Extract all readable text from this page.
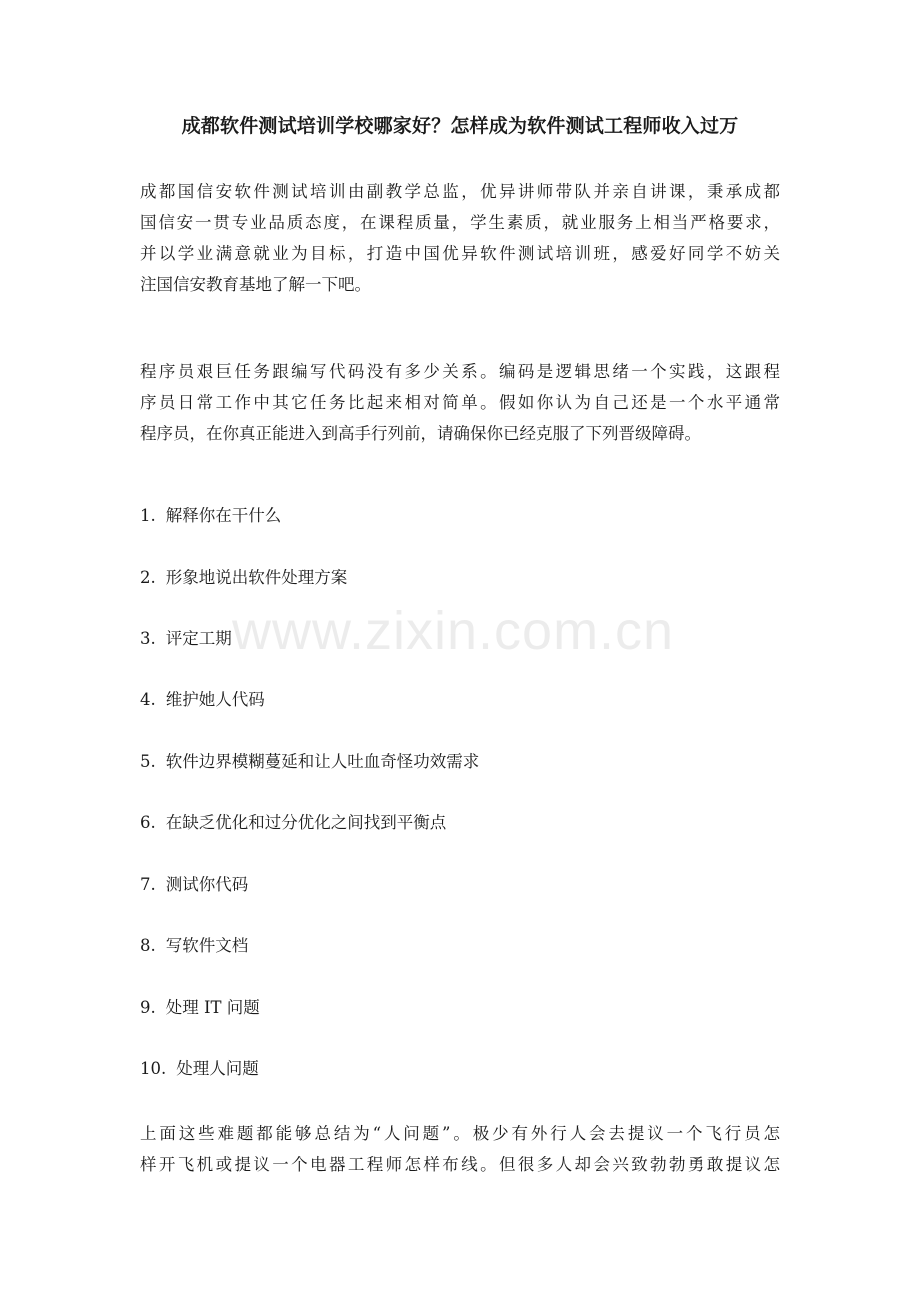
www.zixin.com.cn
成都软件测试培训学校哪家好？怎样成为软件测试工程师收入过万
成都国信安软件测试培训由副教学总监，优异讲师带队并亲自讲课，秉承成都
国信安一贯专业品质态度，在课程质量，学生素质，就业服务上相当严格要求，
并以学业满意就业为目标，打造中国优异软件测试培训班，感爱好同学不妨关
注国信安教育基地了解一下吧。
程序员艰巨任务跟编写代码没有多少关系。编码是逻辑思绪一个实践，这跟程
序员日常工作中其它任务比起来相对简单。假如你认为自己还是一个水平通常
程序员，在你真正能进入到高手行列前，请确保你已经克服了下列晋级障碍。
1. 解释你在干什么
2. 形象地说出软件处理方案
3. 评定工期
4. 维护她人代码
5. 软件边界模糊蔓延和让人吐血奇怪功效需求
6. 在缺乏优化和过分优化之间找到平衡点
7. 测试你代码
8. 写软件文档
9. 处理 IT 问题
10. 处理人问题
上面这些难题都能够总结为“人问题”。极少有外行人会去提议一个飞行员怎
样开飞机或提议一个电器工程师怎样布线。但很多人却会兴致勃勃勇敢提议怎
